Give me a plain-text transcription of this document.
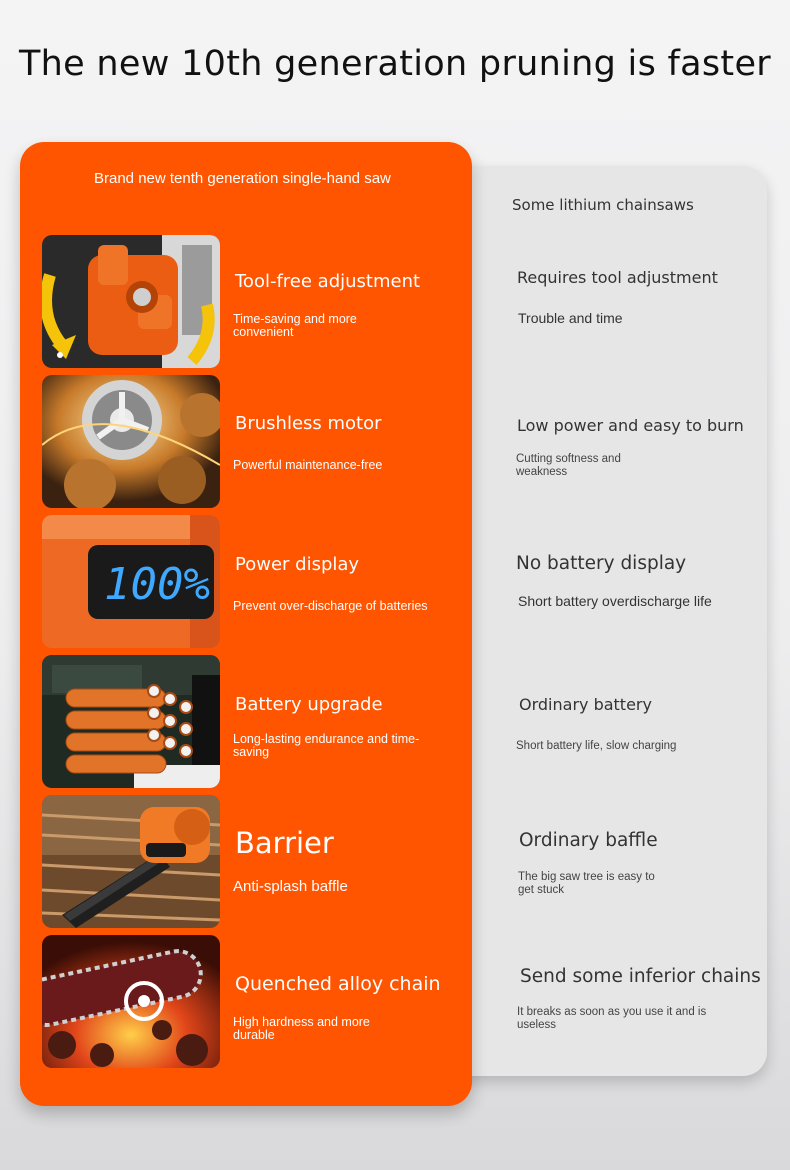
The new 10th generation pruning is faster
Some lithium chainsaws
Requires tool adjustment
Trouble and time
Low power and easy to burn
Cutting softness and weakness
No battery display
Short battery overdischarge life
Ordinary battery
Short battery life, slow charging
Ordinary baffle
The big saw tree is easy to get stuck
Send some inferior chains
It breaks as soon as you use it and is useless
Brand new tenth generation single-hand saw
Tool-free adjustment
Time-saving and more convenient
Brushless motor
Powerful maintenance-free
100% Power display
Prevent over-discharge of batteries
Battery upgrade
Long-lasting endurance and time-saving
Barrier
Anti-splash baffle
Quenched alloy chain
High hardness and more durable
